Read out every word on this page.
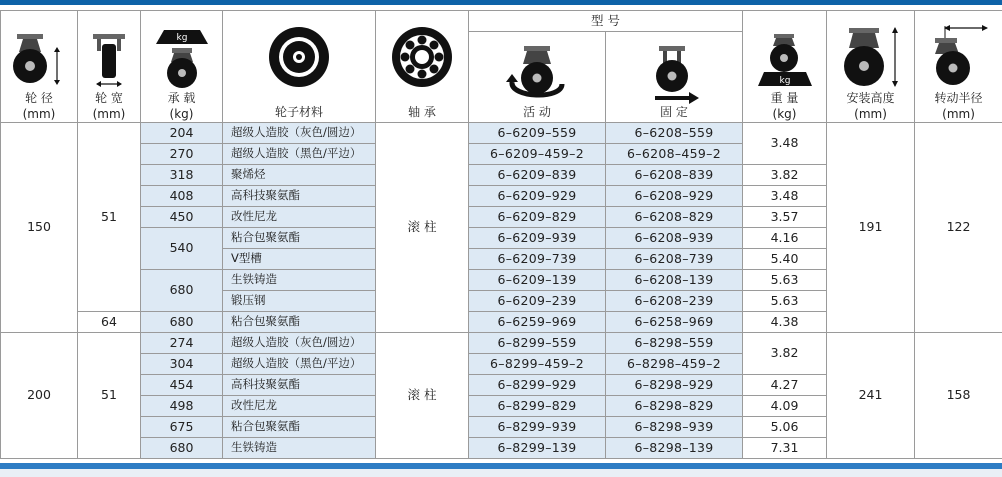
轮 径
(mm)	轮 宽
(mm)	kg
承 载
(kg)	轮子材料	轴 承	型 号		kg
重 量
(kg)	安装高度
(mm)	转动半径
(mm)

					活 动	固 定			

150	51	204	超级人造胶（灰色/圆边）	滚 柱	6–6209–559	6–6208–559	3.48	191	122
		270	超级人造胶（黑色/平边）		6–6209–459–2	6–6208–459–2			
		318	聚烯烃		6–6209–839	6–6208–839	3.82		
		408	高科技聚氨酯		6–6209–929	6–6208–929	3.48		
		450	改性尼龙		6–6209–829	6–6208–829	3.57		
		540	粘合包聚氨酯		6–6209–939	6–6208–939	4.16		
			V型槽		6–6209–739	6–6208–739	5.40		
		680	生铁铸造		6–6209–139	6–6208–139	5.63		
			锻压钢		6–6209–239	6–6208–239	5.63		
	64	680	粘合包聚氨酯		6–6259–969	6–6258–969	4.38		
200	51	274	超级人造胶（灰色/圆边）	滚 柱	6–8299–559	6–8298–559	3.82	241	158
		304	超级人造胶（黑色/平边）		6–8299–459–2	6–8298–459–2			
		454	高科技聚氨酯		6–8299–929	6–8298–929	4.27		
		498	改性尼龙		6–8299–829	6–8298–829	4.09		
		675	粘合包聚氨酯		6–8299–939	6–8298–939	5.06		
		680	生铁铸造		6–8299–139	6–8298–139	7.31		
